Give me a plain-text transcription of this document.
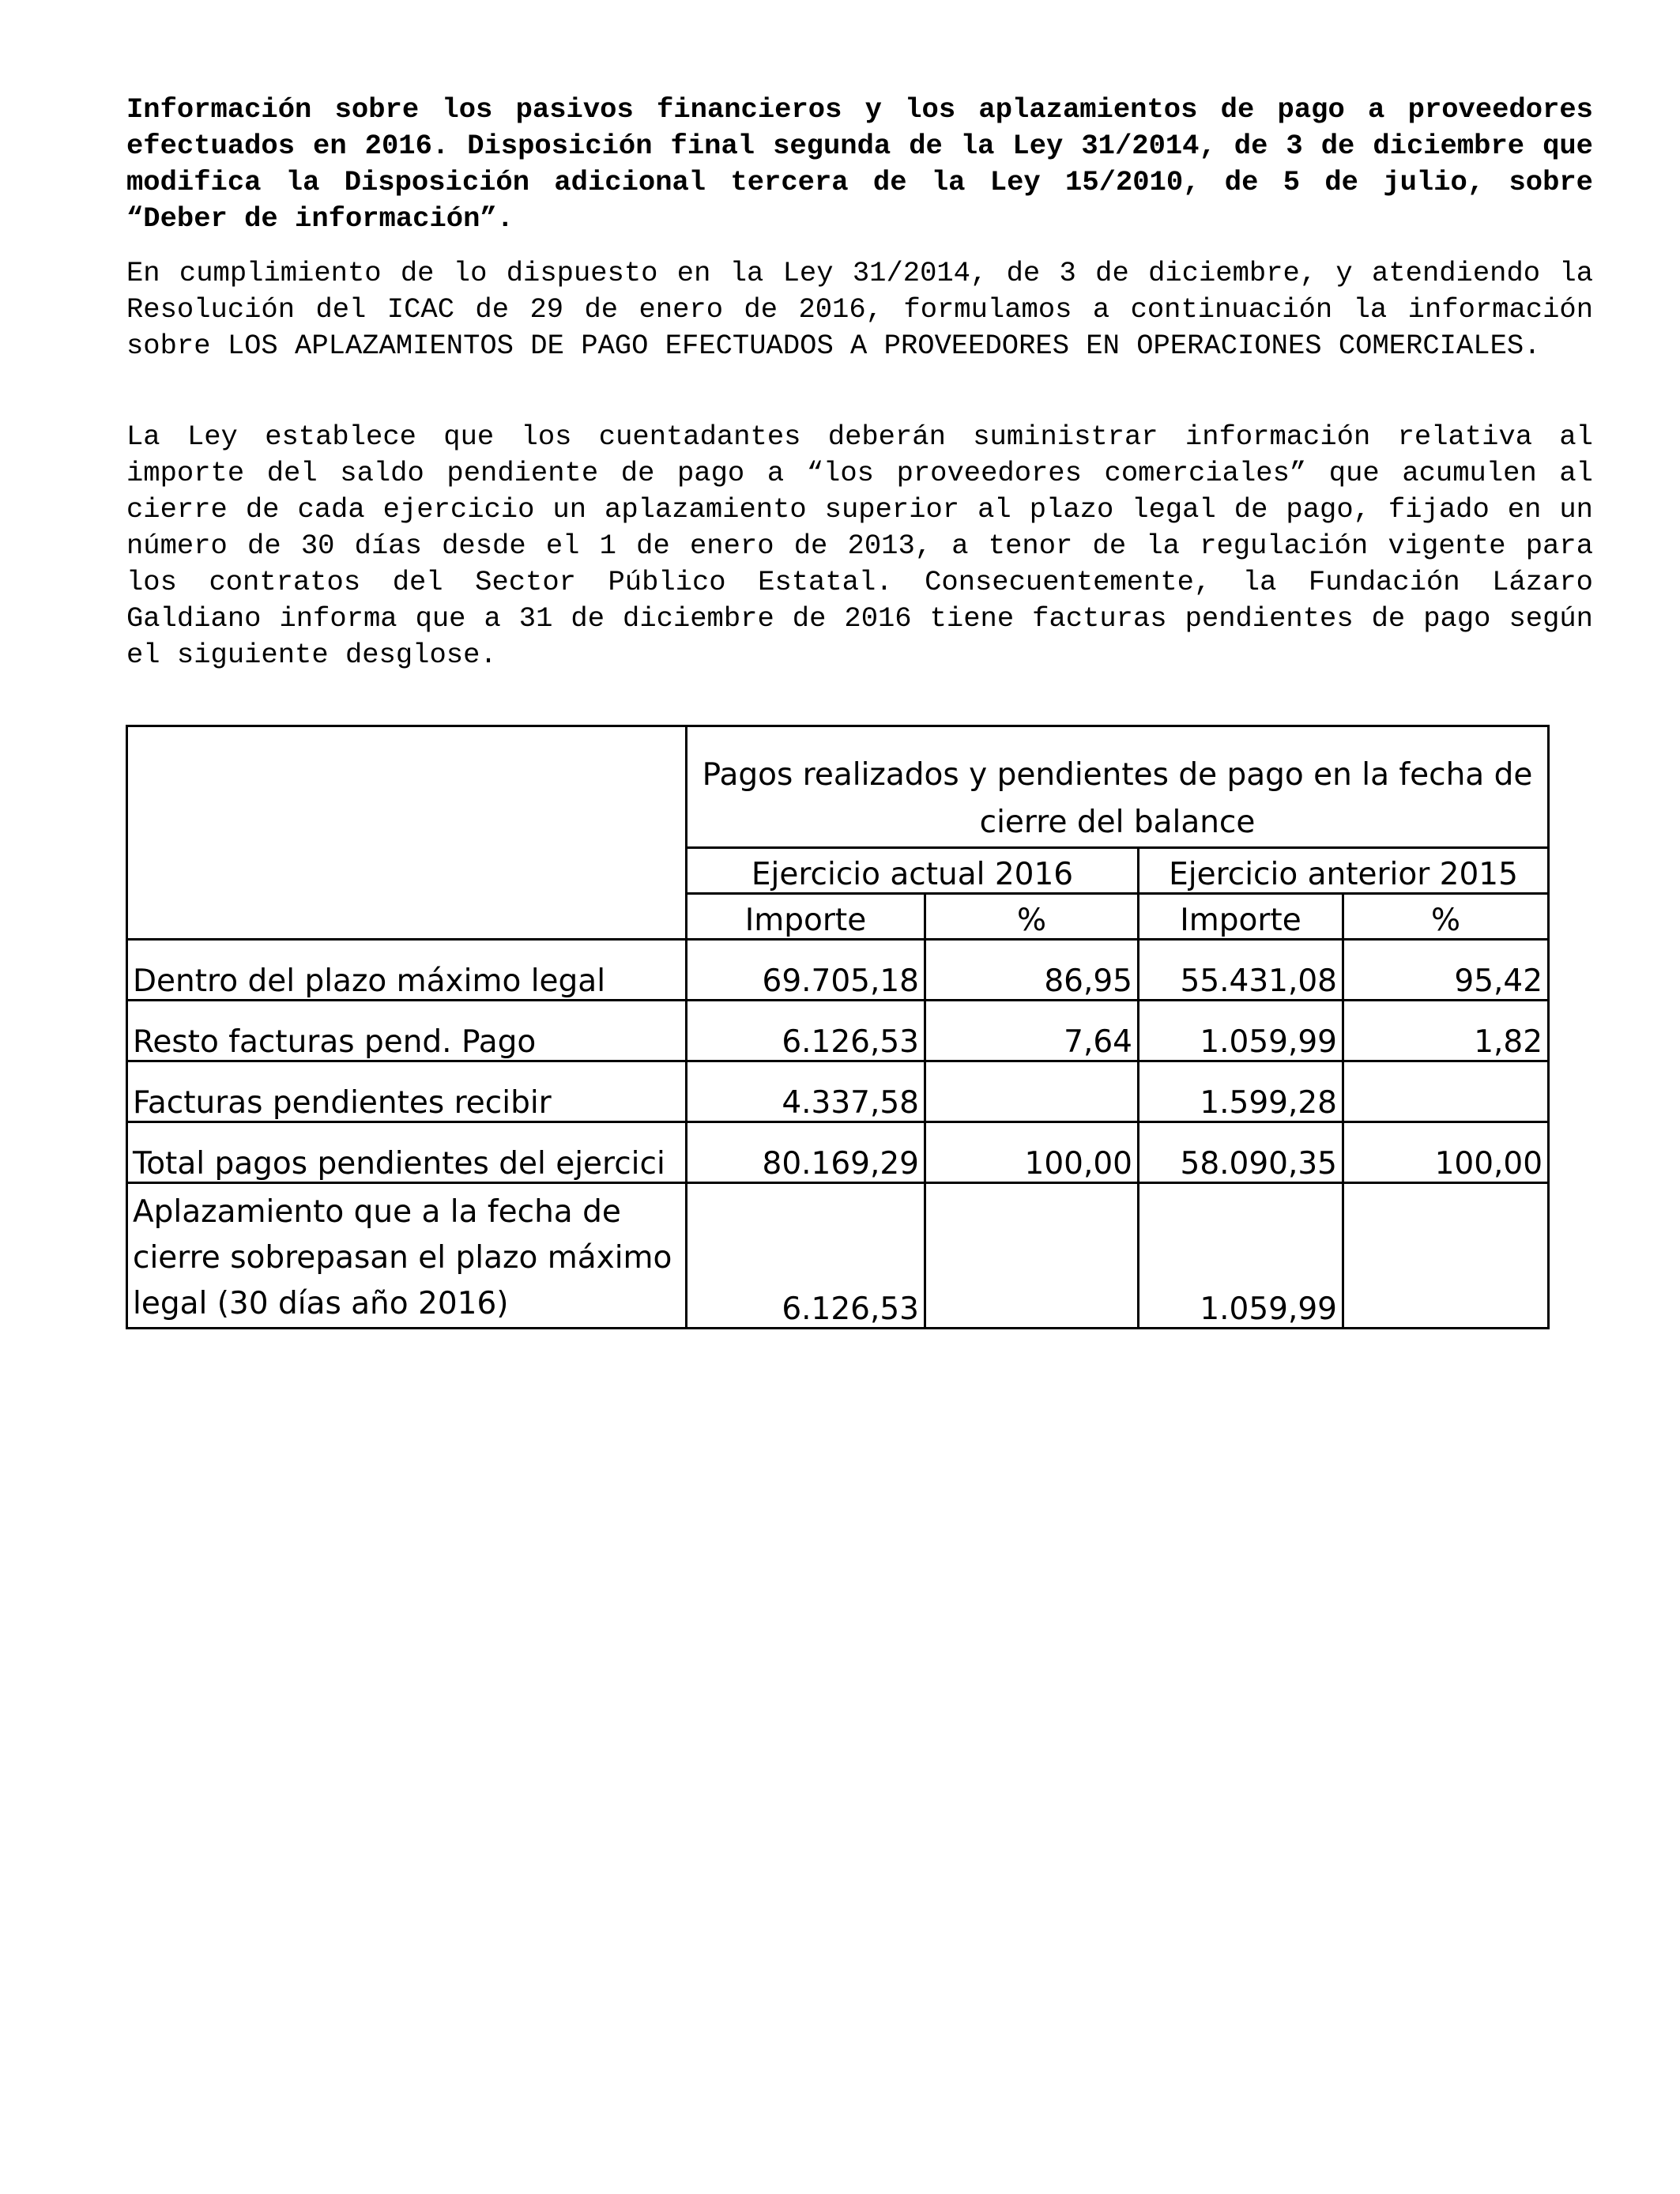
Información sobre los pasivos financieros y los aplazamientos de pago a proveedores efectuados en 2016. Disposición final segunda de la Ley 31/2014, de 3 de diciembre que modifica la Disposición adicional tercera de la Ley 15/2010, de 5 de julio, sobre “Deber de información”.

En cumplimiento de lo dispuesto en la Ley 31/2014, de 3 de diciembre, y atendiendo la Resolución del ICAC de 29 de enero de 2016, formulamos a continuación la información sobre LOS APLAZAMIENTOS DE PAGO EFECTUADOS A PROVEEDORES EN OPERACIONES COMERCIALES.

La Ley establece que los cuentadantes deberán suministrar información relativa al importe del saldo pendiente de pago a “los proveedores comerciales” que acumulen al cierre de cada ejercicio un aplazamiento superior al plazo legal de pago, fijado en un número de 30 días desde el 1 de enero de 2013, a tenor de la regulación vigente para los contratos del Sector Público Estatal. Consecuentemente, la Fundación Lázaro Galdiano informa que a 31 de diciembre de 2016 tiene facturas pendientes de pago según el siguiente desglose.

	Pagos realizados y pendientes de pago en la fecha de cierre del balance			
	Ejercicio actual 2016		Ejercicio anterior 2015	
	Importe	%	Importe	%
Dentro del plazo máximo legal	69.705,18	86,95	55.431,08	95,42
Resto facturas pend. Pago	6.126,53	7,64	1.059,99	1,82
Facturas pendientes recibir	4.337,58		1.599,28	
Total pagos pendientes del ejercici	80.169,29	100,00	58.090,35	100,00
Aplazamiento que a la fecha de cierre sobrepasan el plazo máximo legal (30 días año 2016)	6.126,53		1.059,99	
